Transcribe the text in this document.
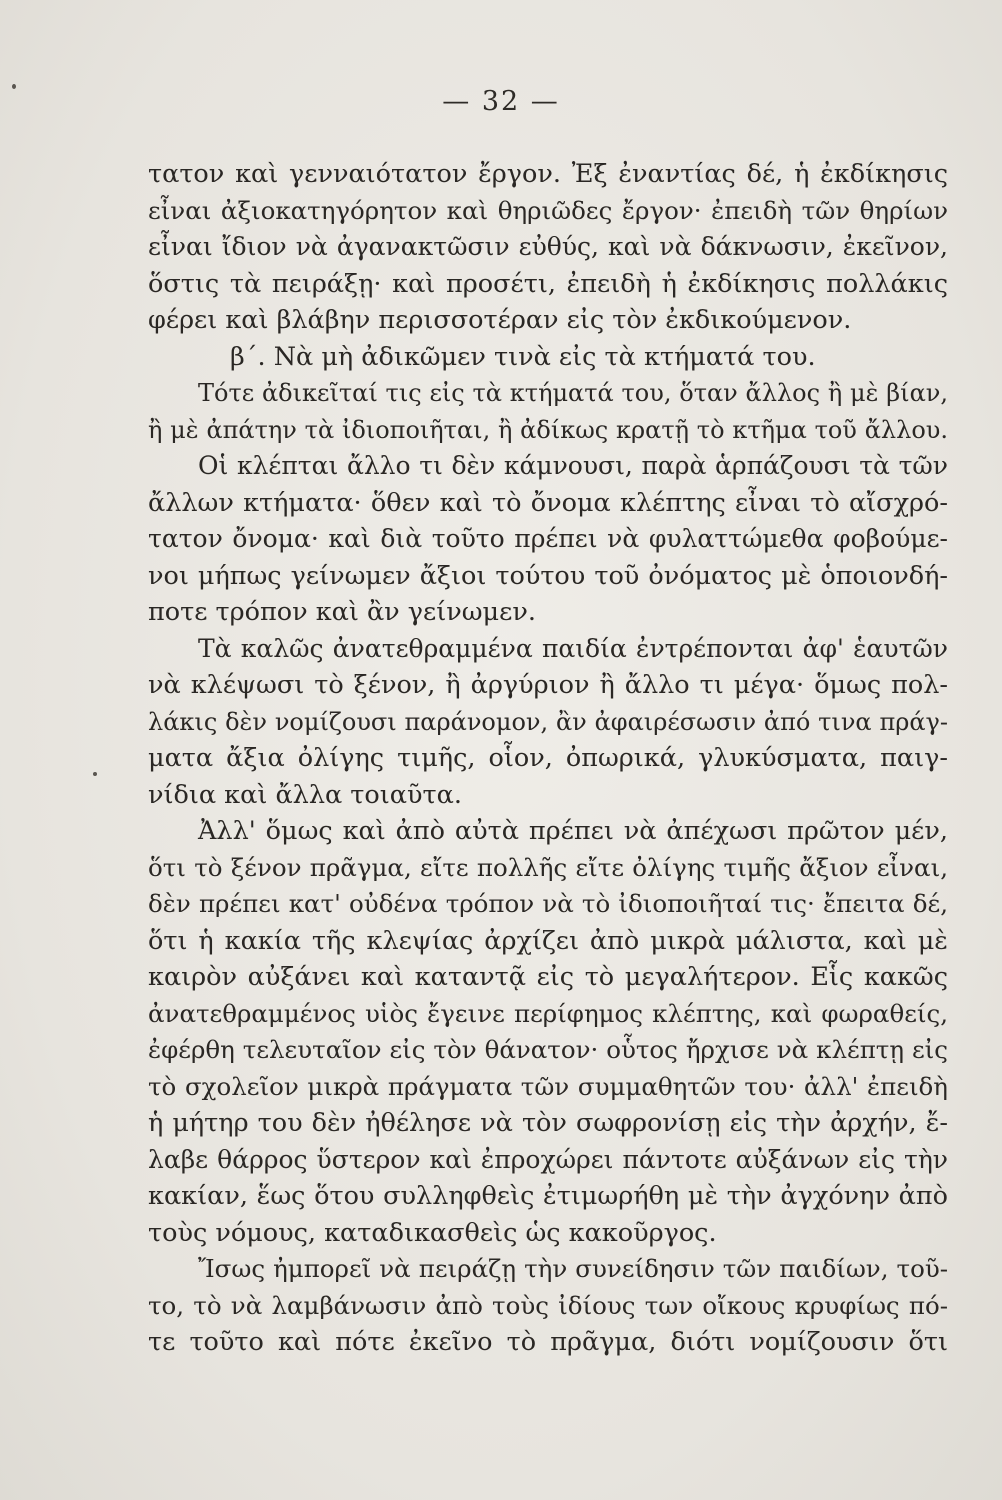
— 32 —
τατον καὶ γενναιότατον ἔργον. Ἐξ ἐναντίας δέ, ἡ ἐκδίκησις
εἶναι ἀξιοκατηγόρητον καὶ θηριῶδες ἔργον· ἐπειδὴ τῶν θηρίων
εἶναι ἴδιον νὰ ἀγανακτῶσιν εὐθύς, καὶ νὰ δάκνωσιν, ἐκεῖνον,
ὅστις τὰ πειράξῃ· καὶ προσέτι, ἐπειδὴ ἡ ἐκδίκησις πολλάκις
φέρει καὶ βλάβην περισσοτέραν εἰς τὸν ἐκδικούμενον.
β΄. Νὰ μὴ ἀδικῶμεν τινὰ εἰς τὰ κτήματά του.
Τότε ἀδικεῖταί τις εἰς τὰ κτήματά του, ὅταν ἄλλος ἢ μὲ βίαν,
ἢ μὲ ἀπάτην τὰ ἰδιοποιῆται, ἢ ἀδίκως κρατῇ τὸ κτῆμα τοῦ ἄλλου.
Οἱ κλέπται ἄλλο τι δὲν κάμνουσι, παρὰ ἁρπάζουσι τὰ τῶν
ἄλλων κτήματα· ὅθεν καὶ τὸ ὄνομα κλέπτης εἶναι τὸ αἴσχρό-
τατον ὄνομα· καὶ διὰ τοῦτο πρέπει νὰ φυλαττώμεθα φοβούμε-
νοι μήπως γείνωμεν ἄξιοι τούτου τοῦ ὀνόματος μὲ ὁποιονδή-
ποτε τρόπον καὶ ἂν γείνωμεν.
Τὰ καλῶς ἀνατεθραμμένα παιδία ἐντρέπονται ἀφ' ἑαυτῶν
νὰ κλέψωσι τὸ ξένον, ἢ ἀργύριον ἢ ἄλλο τι μέγα· ὅμως πολ-
λάκις δὲν νομίζουσι παράνομον, ἂν ἀφαιρέσωσιν ἀπό τινα πράγ-
ματα ἄξια ὀλίγης τιμῆς, οἷον, ὀπωρικά, γλυκύσματα, παιγ-
νίδια καὶ ἄλλα τοιαῦτα.
Ἀλλ' ὅμως καὶ ἀπὸ αὐτὰ πρέπει νὰ ἀπέχωσι πρῶτον μέν,
ὅτι τὸ ξένον πρᾶγμα, εἴτε πολλῆς εἴτε ὀλίγης τιμῆς ἄξιον εἶναι,
δὲν πρέπει κατ' οὐδένα τρόπον νὰ τὸ ἰδιοποιῆταί τις· ἔπειτα δέ,
ὅτι ἡ κακία τῆς κλεψίας ἀρχίζει ἀπὸ μικρὰ μάλιστα, καὶ μὲ
καιρὸν αὐξάνει καὶ καταντᾷ εἰς τὸ μεγαλήτερον. Εἷς κακῶς
ἀνατεθραμμένος υἱὸς ἔγεινε περίφημος κλέπτης, καὶ φωραθείς,
ἐφέρθη τελευταῖον εἰς τὸν θάνατον· οὗτος ἤρχισε νὰ κλέπτῃ εἰς
τὸ σχολεῖον μικρὰ πράγματα τῶν συμμαθητῶν του· ἀλλ' ἐπειδὴ
ἡ μήτηρ του δὲν ἠθέλησε νὰ τὸν σωφρονίσῃ εἰς τὴν ἀρχήν, ἔ-
λαβε θάρρος ὕστερον καὶ ἐπροχώρει πάντοτε αὐξάνων εἰς τὴν
κακίαν, ἕως ὅτου συλληφθεὶς ἐτιμωρήθη μὲ τὴν ἀγχόνην ἀπὸ
τοὺς νόμους, καταδικασθεὶς ὡς κακοῦργος.
Ἴσως ἠμπορεῖ νὰ πειράζῃ τὴν συνείδησιν τῶν παιδίων, τοῦ-
το, τὸ νὰ λαμβάνωσιν ἀπὸ τοὺς ἰδίους των οἴκους κρυφίως πό-
τε τοῦτο καὶ πότε ἐκεῖνο τὸ πρᾶγμα, διότι νομίζουσιν ὅτι
